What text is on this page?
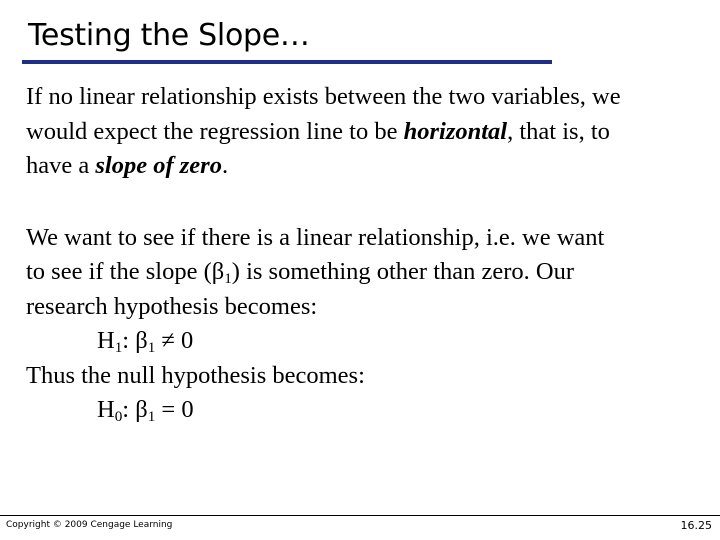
Testing the Slope…
If no linear relationship exists between the two variables, we
would expect the regression line to be horizontal, that is, to
have a slope of zero.
We want to see if there is a linear relationship, i.e. we want
to see if the slope $(\beta_1)$ is something other than zero. Our
research hypothesis becomes:
$H_1$: $\beta_1 \ne 0$
Thus the null hypothesis becomes:
$H_0$: $\beta_1 = 0$
Copyright © 2009 Cengage Learning	16.25
